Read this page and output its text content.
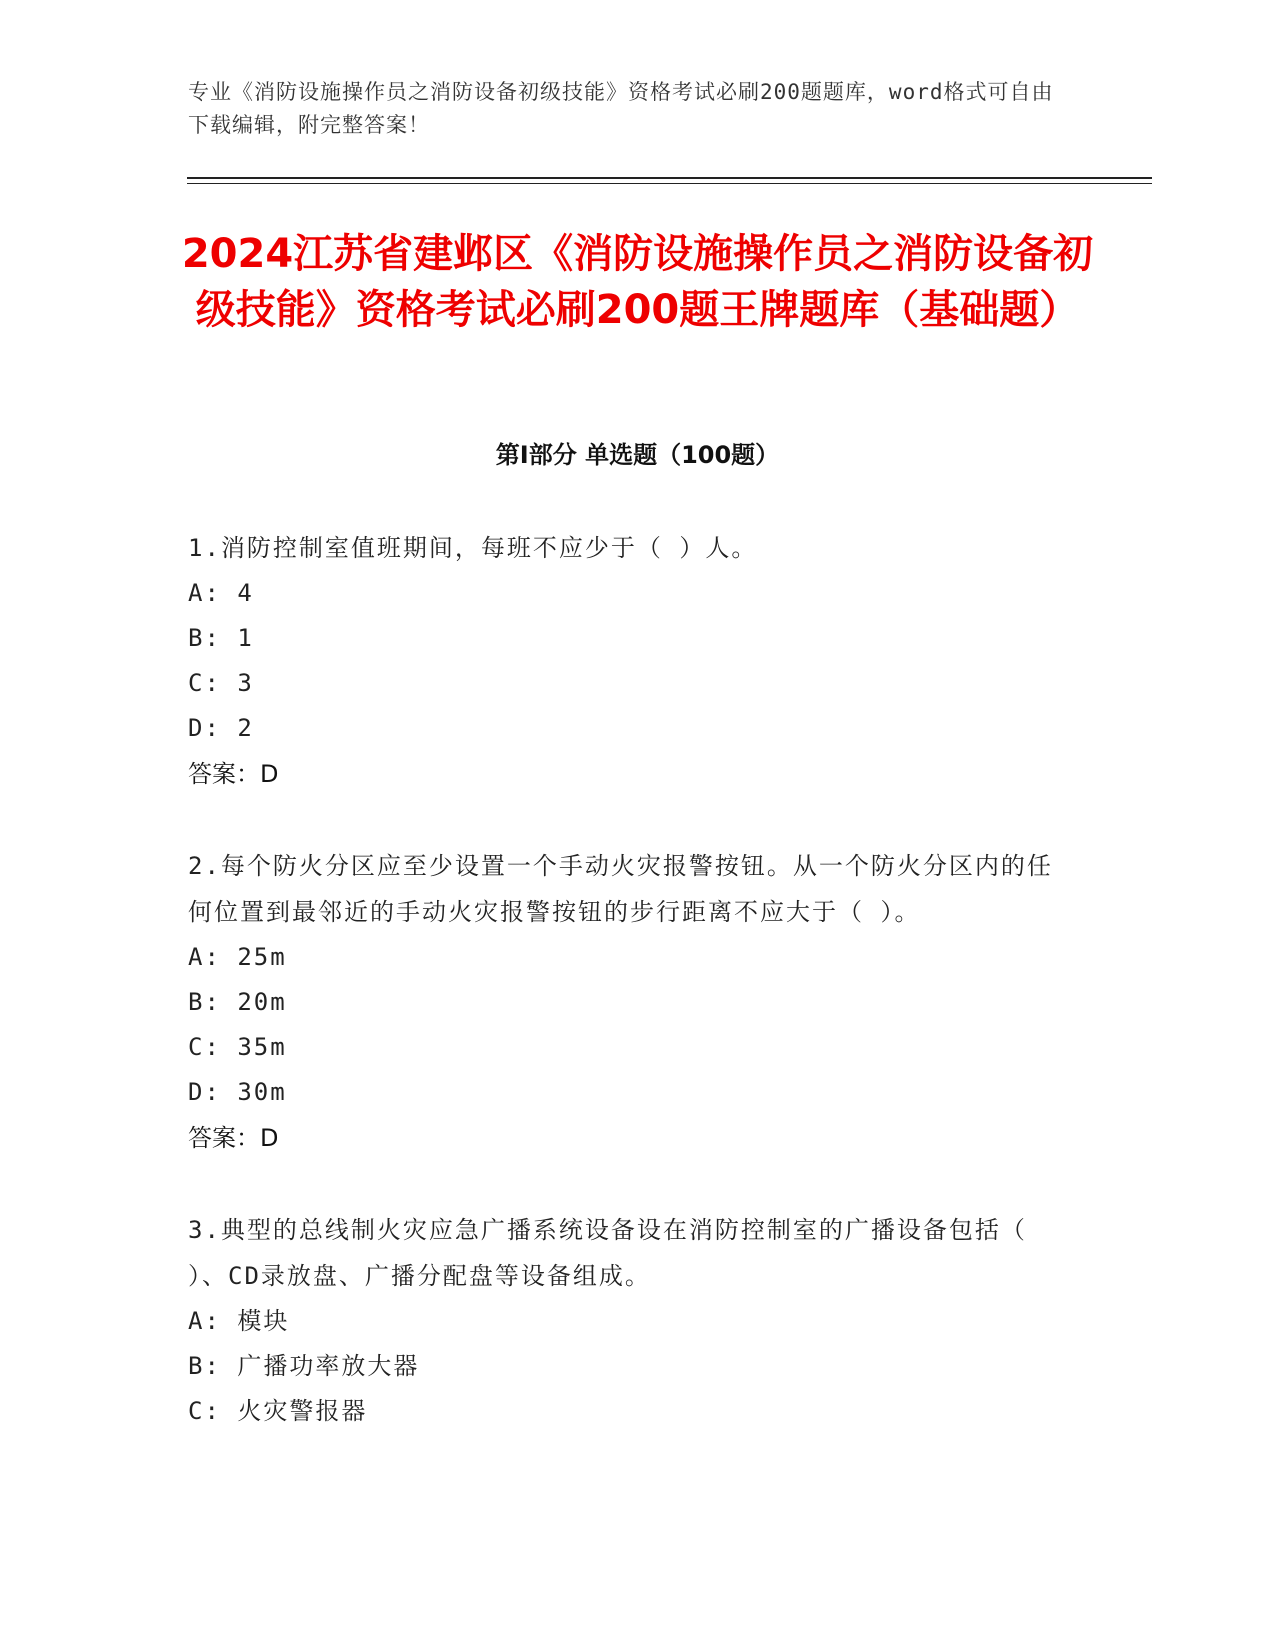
专业《消防设施操作员之消防设备初级技能》资格考试必刷200题题库，word格式可自由下载编辑，附完整答案！
2024江苏省建邺区《消防设施操作员之消防设备初级技能》资格考试必刷200题王牌题库（基础题）
第I部分 单选题（100题）

1.消防控制室值班期间，每班不应少于（ ）人。

A: 4

B: 1

C: 3

D: 2

答案：D

2.每个防火分区应至少设置一个手动火灾报警按钮。从一个防火分区内的任何位置到最邻近的手动火灾报警按钮的步行距离不应大于（ ）。

A: 25m

B: 20m

C: 35m

D: 30m

答案：D

3.典型的总线制火灾应急广播系统设备设在消防控制室的广播设备包括（ ）、CD录放盘、广播分配盘等设备组成。

A: 模块

B: 广播功率放大器

C: 火灾警报器
